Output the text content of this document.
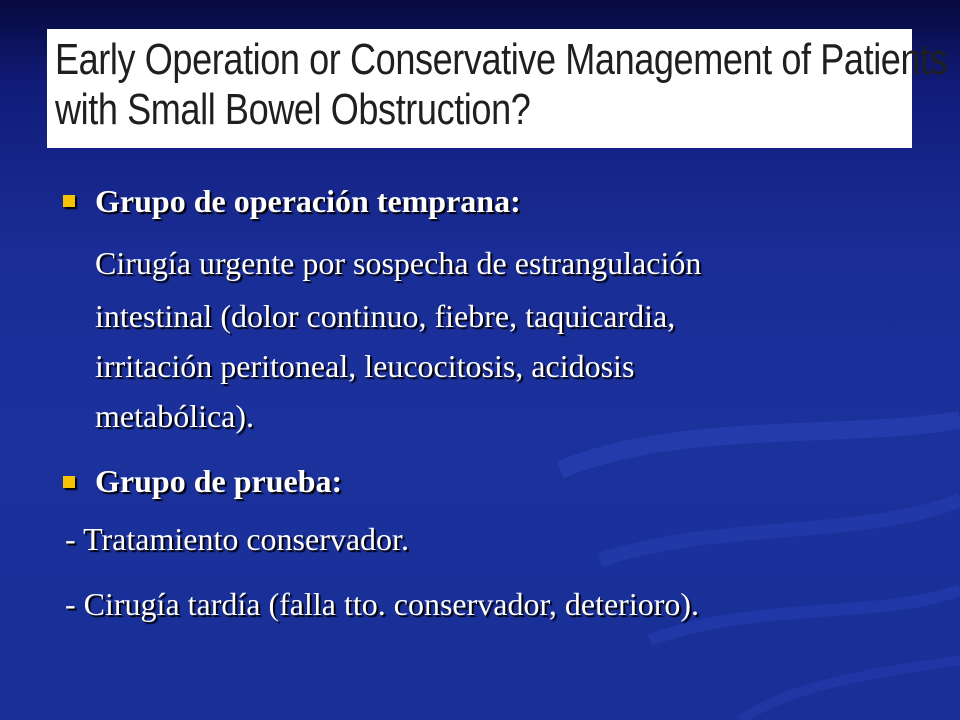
Early Operation or Conservative Management of Patients
with Small Bowel Obstruction?
Grupo de operación temprana:
Cirugía urgente por sospecha de estrangulación
intestinal (dolor continuo, fiebre, taquicardia,
irritación peritoneal, leucocitosis, acidosis
metabólica).
Grupo de prueba:
- Tratamiento conservador.
- Cirugía tardía (falla tto. conservador, deterioro).
